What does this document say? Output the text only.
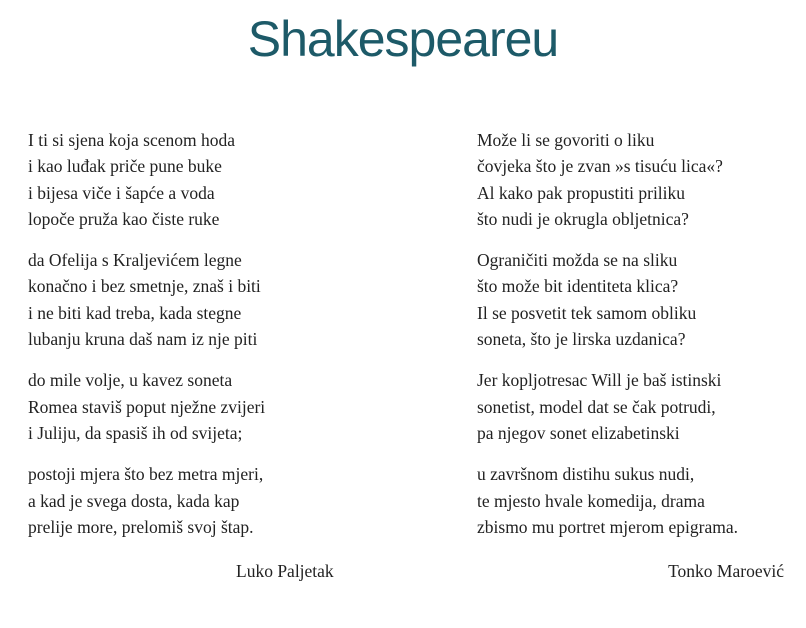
Shakespeareu
I ti si sjena koja scenom hoda
i kao luđak priče pune buke
i bijesa viče i šapće a voda
lopoče pruža kao čiste ruke
da Ofelija s Kraljevićem legne
konačno i bez smetnje, znaš i biti
i ne biti kad treba, kada stegne
lubanju kruna daš nam iz nje piti
do mile volje, u kavez soneta
Romea staviš poput nježne zvijeri
i Juliju, da spasiš ih od svijeta;
postoji mjera što bez metra mjeri,
a kad je svega dosta, kada kap
prelije more, prelomiš svoj štap.
Može li se govoriti o liku
čovjeka što je zvan »s tisuću lica«?
Al kako pak propustiti priliku
što nudi je okrugla obljetnica?
Ograničiti možda se na sliku
što može bit identiteta klica?
Il se posvetit tek samom obliku
soneta, što je lirska uzdanica?
Jer kopljotresac Will je baš istinski
sonetist, model dat se čak potrudi,
pa njegov sonet elizabetinski
u završnom distihu sukus nudi,
te mjesto hvale komedija, drama
zbismo mu portret mjerom epigrama.
Luko Paljetak	Tonko Maroević
